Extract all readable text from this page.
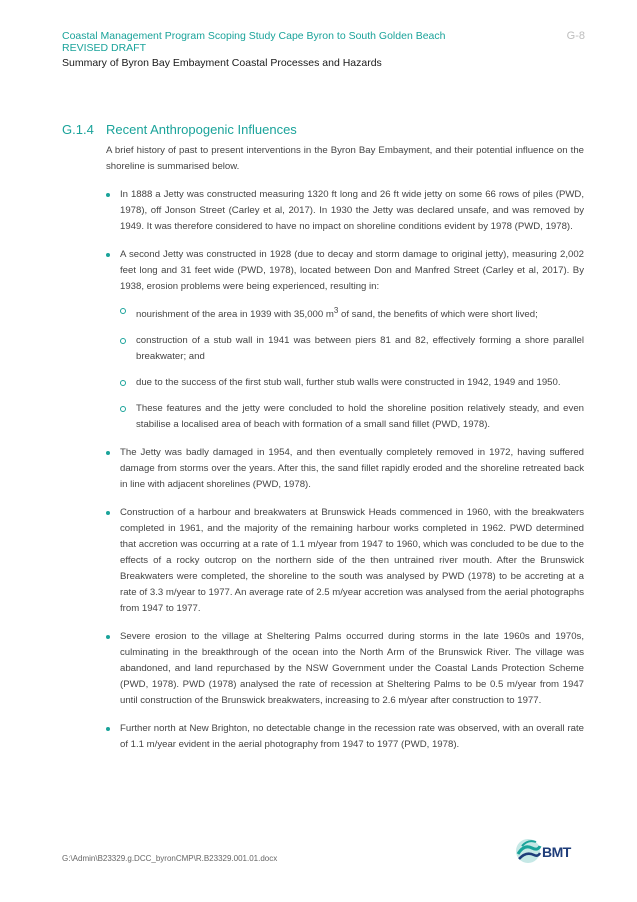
Coastal Management Program Scoping Study Cape Byron to South Golden Beach
REVISED DRAFT
Summary of Byron Bay Embayment Coastal Processes and Hazards
G-8
G.1.4 Recent Anthropogenic Influences
A brief history of past to present interventions in the Byron Bay Embayment, and their potential influence on the shoreline is summarised below.
In 1888 a Jetty was constructed measuring 1320 ft long and 26 ft wide jetty on some 66 rows of piles (PWD, 1978), off Jonson Street (Carley et al, 2017). In 1930 the Jetty was declared unsafe, and was removed by 1949. It was therefore considered to have no impact on shoreline conditions evident by 1978 (PWD, 1978).
A second Jetty was constructed in 1928 (due to decay and storm damage to original jetty), measuring 2,002 feet long and 31 feet wide (PWD, 1978), located between Don and Manfred Street (Carley et al, 2017). By 1938, erosion problems were being experienced, resulting in:
nourishment of the area in 1939 with 35,000 $m^3$ of sand, the benefits of which were short lived;
construction of a stub wall in 1941 was between piers 81 and 82, effectively forming a shore parallel breakwater; and
due to the success of the first stub wall, further stub walls were constructed in 1942, 1949 and 1950.
These features and the jetty were concluded to hold the shoreline position relatively steady, and even stabilise a localised area of beach with formation of a small sand fillet (PWD, 1978).
The Jetty was badly damaged in 1954, and then eventually completely removed in 1972, having suffered damage from storms over the years. After this, the sand fillet rapidly eroded and the shoreline retreated back in line with adjacent shorelines (PWD, 1978).
Construction of a harbour and breakwaters at Brunswick Heads commenced in 1960, with the breakwaters completed in 1961, and the majority of the remaining harbour works completed in 1962. PWD determined that accretion was occurring at a rate of 1.1 m/year from 1947 to 1960, which was concluded to be due to the effects of a rocky outcrop on the northern side of the then untrained river mouth. After the Brunswick Breakwaters were completed, the shoreline to the south was analysed by PWD (1978) to be accreting at a rate of 3.3 m/year to 1977. An average rate of 2.5 m/year accretion was analysed from the aerial photographs from 1947 to 1977.
Severe erosion to the village at Sheltering Palms occurred during storms in the late 1960s and 1970s, culminating in the breakthrough of the ocean into the North Arm of the Brunswick River. The village was abandoned, and land repurchased by the NSW Government under the Coastal Lands Protection Scheme (PWD, 1978). PWD (1978) analysed the rate of recession at Sheltering Palms to be 0.5 m/year from 1947 until construction of the Brunswick breakwaters, increasing to 2.6 m/year after construction to 1977.
Further north at New Brighton, no detectable change in the recession rate was observed, with an overall rate of 1.1 m/year evident in the aerial photography from 1947 to 1977 (PWD, 1978).
G:\Admin\B23329.g.DCC_byronCMP\R.B23329.001.01.docx	BMT
